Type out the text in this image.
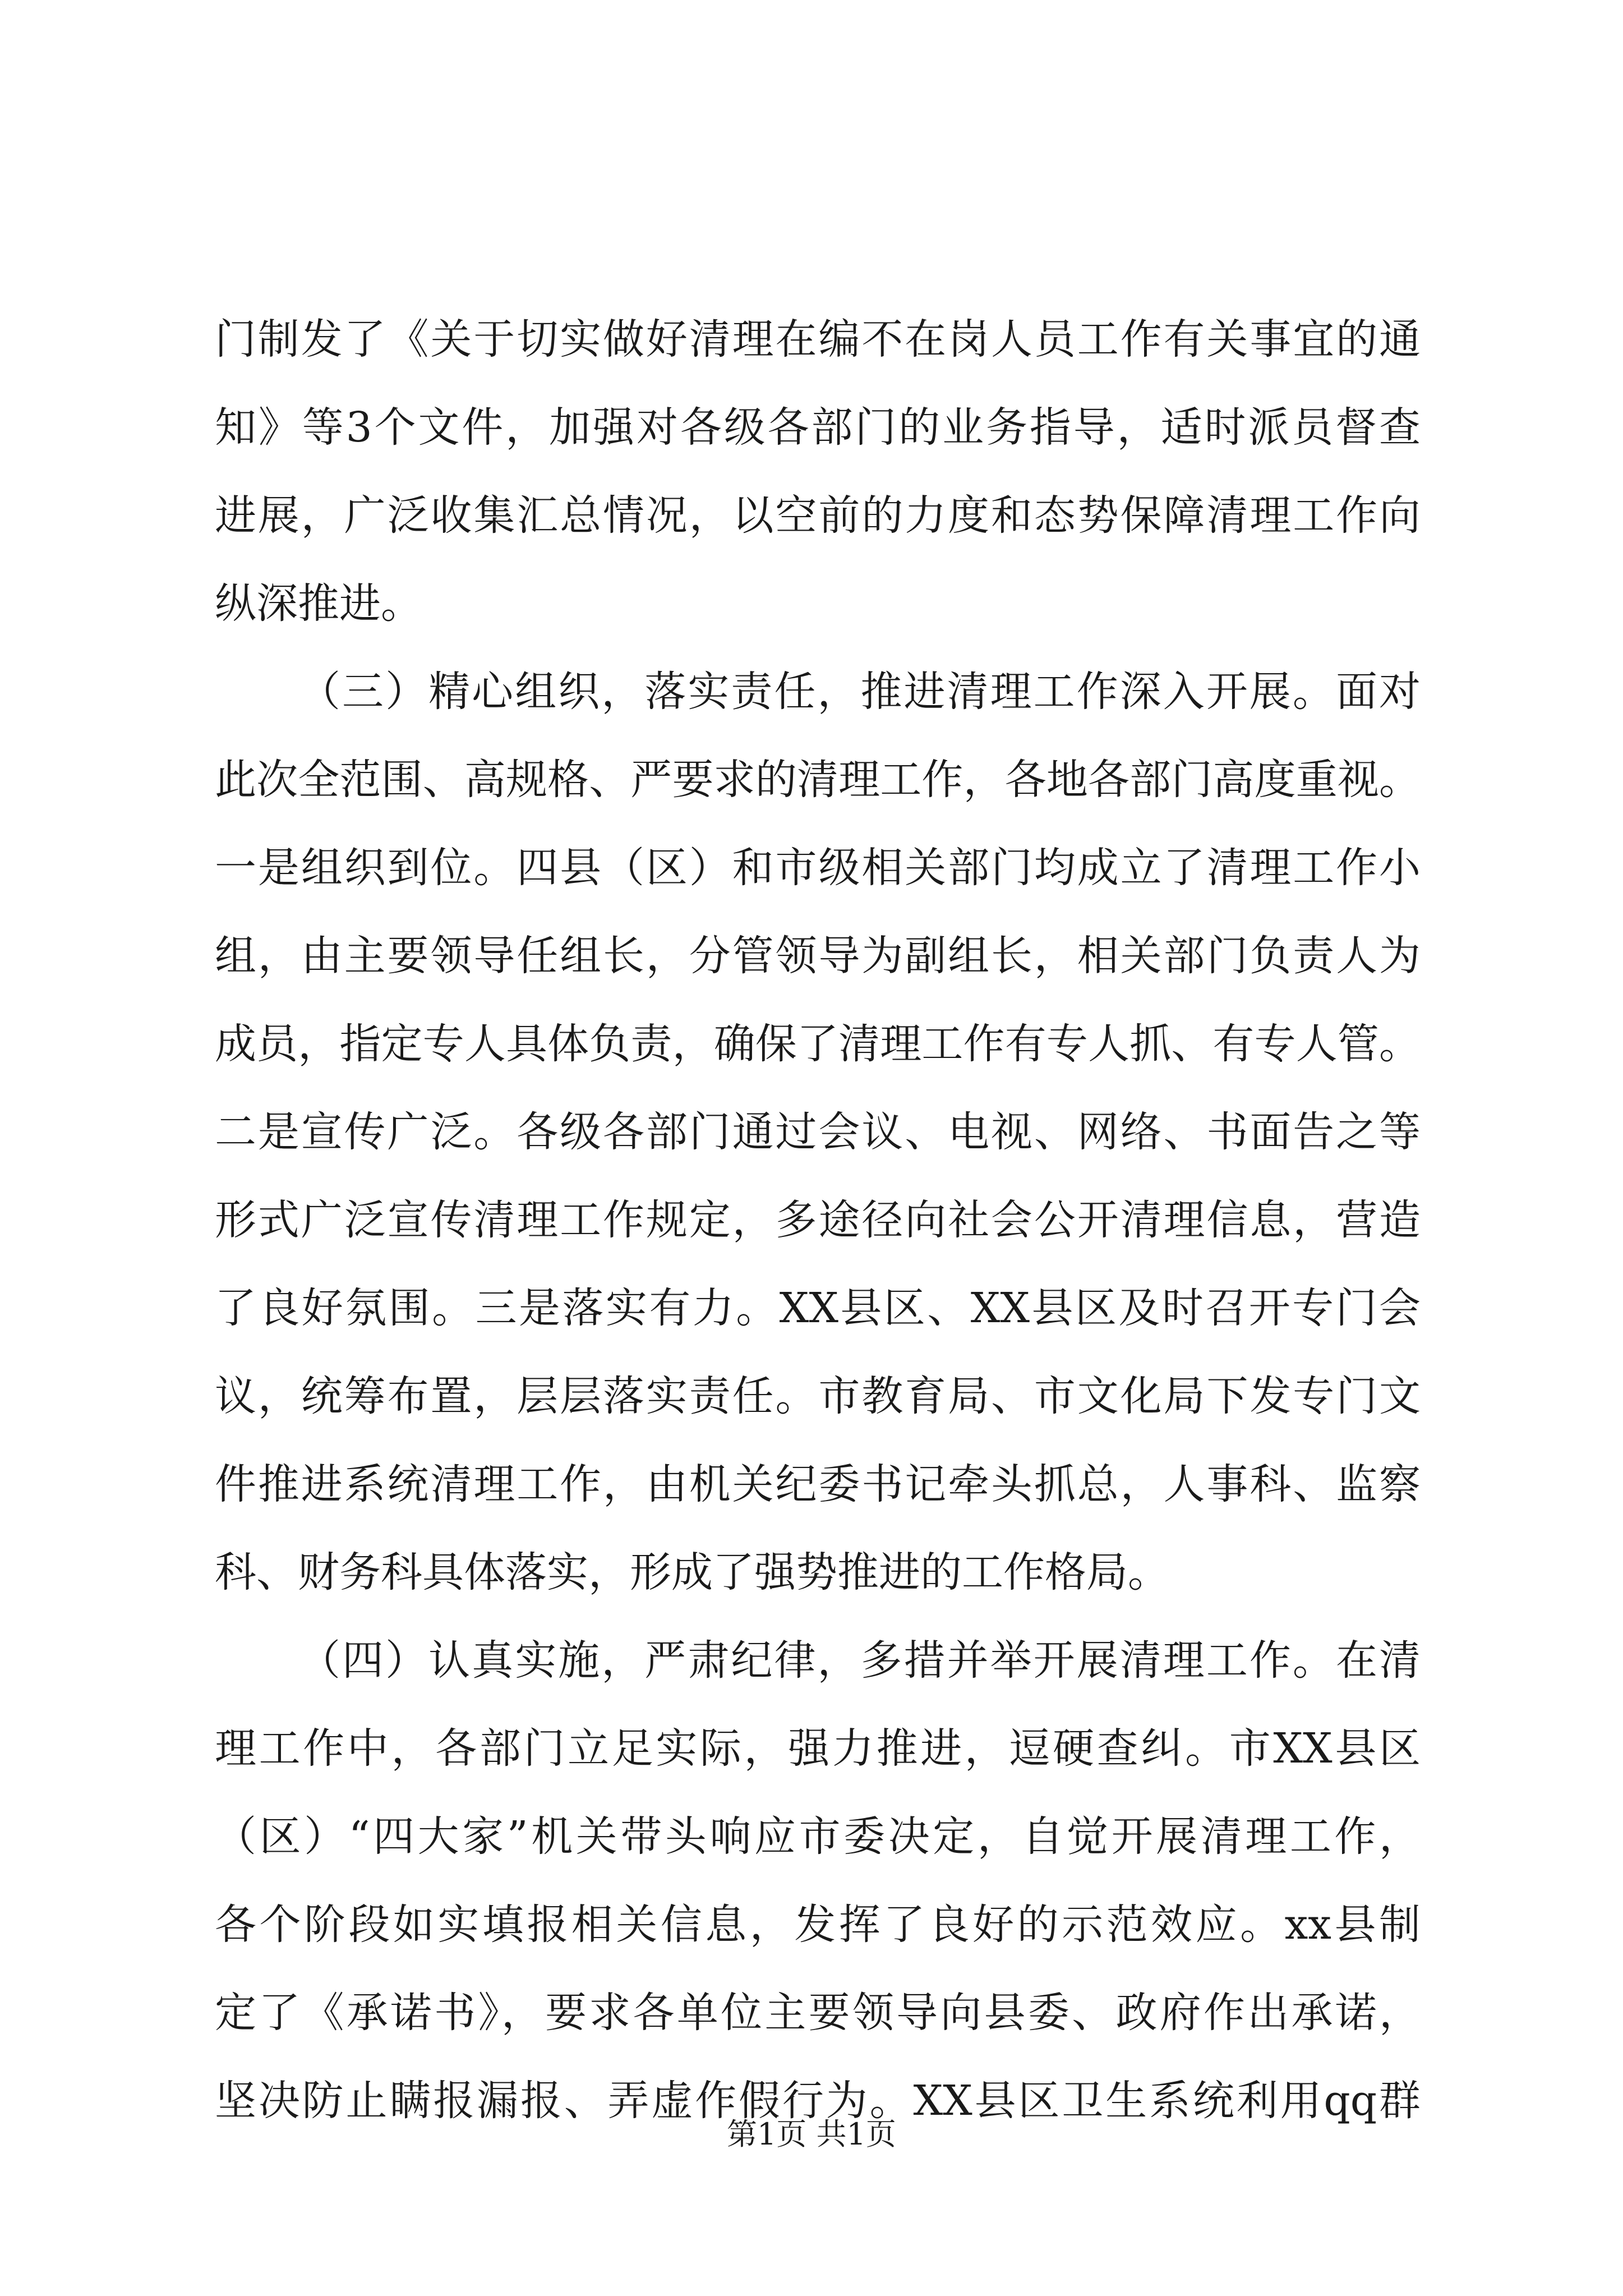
门制发了《关于切实做好清理在编不在岗人员工作有关事宜的通
知》等3个文件，加强对各级各部门的业务指导，适时派员督查
进展，广泛收集汇总情况，以空前的力度和态势保障清理工作向
纵深推进。
（三）精心组织，落实责任，推进清理工作深入开展。面对
此次全范围、高规格、严要求的清理工作，各地各部门高度重视。
一是组织到位。四县（区）和市级相关部门均成立了清理工作小
组，由主要领导任组长，分管领导为副组长，相关部门负责人为
成员，指定专人具体负责，确保了清理工作有专人抓、有专人管。
二是宣传广泛。各级各部门通过会议、电视、网络、书面告之等
形式广泛宣传清理工作规定，多途径向社会公开清理信息，营造
了良好氛围。三是落实有力。XX县区、XX县区及时召开专门会
议，统筹布置，层层落实责任。市教育局、市文化局下发专门文
件推进系统清理工作，由机关纪委书记牵头抓总，人事科、监察
科、财务科具体落实，形成了强势推进的工作格局。
（四）认真实施，严肃纪律，多措并举开展清理工作。在清
理工作中，各部门立足实际，强力推进，逗硬查纠。市XX县区
（区）“四大家”机关带头响应市委决定，自觉开展清理工作，
各个阶段如实填报相关信息，发挥了良好的示范效应。xx县制
定了《承诺书》，要求各单位主要领导向县委、政府作出承诺，
坚决防止瞒报漏报、弄虚作假行为。XX县区卫生系统利用qq群
第1页 共1页
